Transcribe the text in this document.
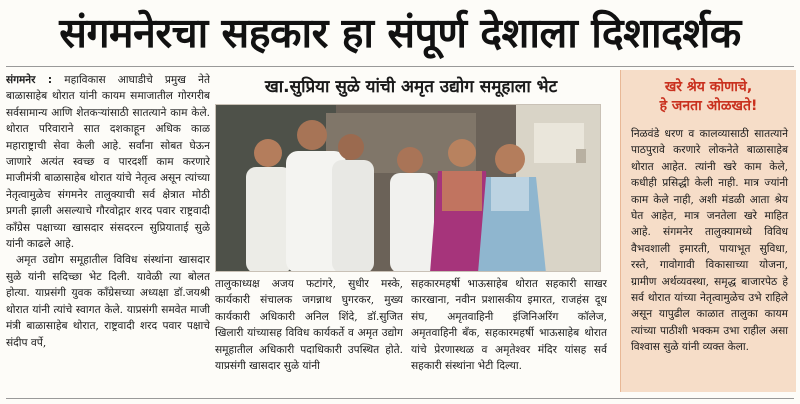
संगमनेरचा सहकार हा संपूर्ण देशाला दिशादर्शक

संगमनेर : महाविकास आघाडीचे प्रमुख नेते बाळासाहेब थोरात यांनी कायम समाजातील गोरगरीब सर्वसामान्य आणि शेतकऱ्यांसाठी सातत्याने काम केले. थोरात परिवाराने सात दशकाहून अधिक काळ महाराष्ट्राची सेवा केली आहे. सर्वांना सोबत घेऊन जाणारे अत्यंत स्वच्छ व पारदर्शी काम करणारे माजीमंत्री बाळासाहेब थोरात यांचे नेतृत्व असून त्यांच्या नेतृत्वामुळेच संगमनेर तालुक्याची सर्व क्षेत्रात मोठी प्रगती झाली असल्याचे गौरवोद्गार शरद पवार राष्ट्रवादी कॉंग्रेस पक्षाच्या खासदार संसदरत्न सुप्रियाताई सुळे यांनी काढले आहे.

अमृत उद्योग समूहातील विविध संस्थांना खासदार सुळे यांनी सदिच्छा भेट दिली. यावेळी त्या बोलत होत्या. याप्रसंगी युवक कॉंग्रेसच्या अध्यक्षा डॉ.जयश्री थोरात यांनी त्यांचे स्वागत केले. याप्रसंगी समवेत माजी मंत्री बाळासाहेब थोरात, राष्ट्रवादी शरद पवार पक्षाचे संदीप वर्पे,

खा.सुप्रिया सुळे यांची अमृत उद्योग समूहाला भेट

तालुकाध्यक्ष अजय फटांगरे, सुधीर मस्के, कार्यकारी संचालक जगन्नाथ घुगरकर, मुख्य कार्यकारी अधिकारी अनिल शिंदे, डॉ.सुजित खिलारी यांच्यासह विविध कार्यकर्ते व अमृत उद्योग समूहातील अधिकारी पदाधिकारी उपस्थित होते. याप्रसंगी खासदार सुळे यांनी

सहकारमहर्षी भाऊसाहेब थोरात सहकारी साखर कारखाना, नवीन प्रशासकीय इमारत, राजहंस दूध संघ, अमृतवाहिनी इंजिनिअरिंग कॉलेज, अमृतवाहिनी बँक, सहकारमहर्षी भाऊसाहेब थोरात यांचे प्रेरणास्थळ व अमृतेश्वर मंदिर यांसह सर्व सहकारी संस्थांना भेटी दिल्या.

खरे श्रेय कोणाचे,
हे जनता ओळखते!
निळवंडे धरण व कालव्यासाठी सातत्याने पाठपुरावे करणारे लोकनेते बाळासाहेब थोरात आहेत. त्यांनी खरे काम केले, कधीही प्रसिद्धी केली नाही. मात्र ज्यांनी काम केले नाही, अशी मंडळी आता श्रेय घेत आहेत, मात्र जनतेला खरे माहित आहे. संगमनेर तालुक्यामध्ये विविध वैभवशाली इमारती, पायाभूत सुविधा, रस्ते, गावोगावी विकासाच्या योजना, ग्रामीण अर्थव्यवस्था, समृद्ध बाजारपेठ हे सर्व थोरात यांच्या नेतृत्वामुळेच उभे राहिले असून यापुढील काळात तालुका कायम त्यांच्या पाठीशी भक्कम उभा राहील असा विश्वास सुळे यांनी व्यक्त केला.
